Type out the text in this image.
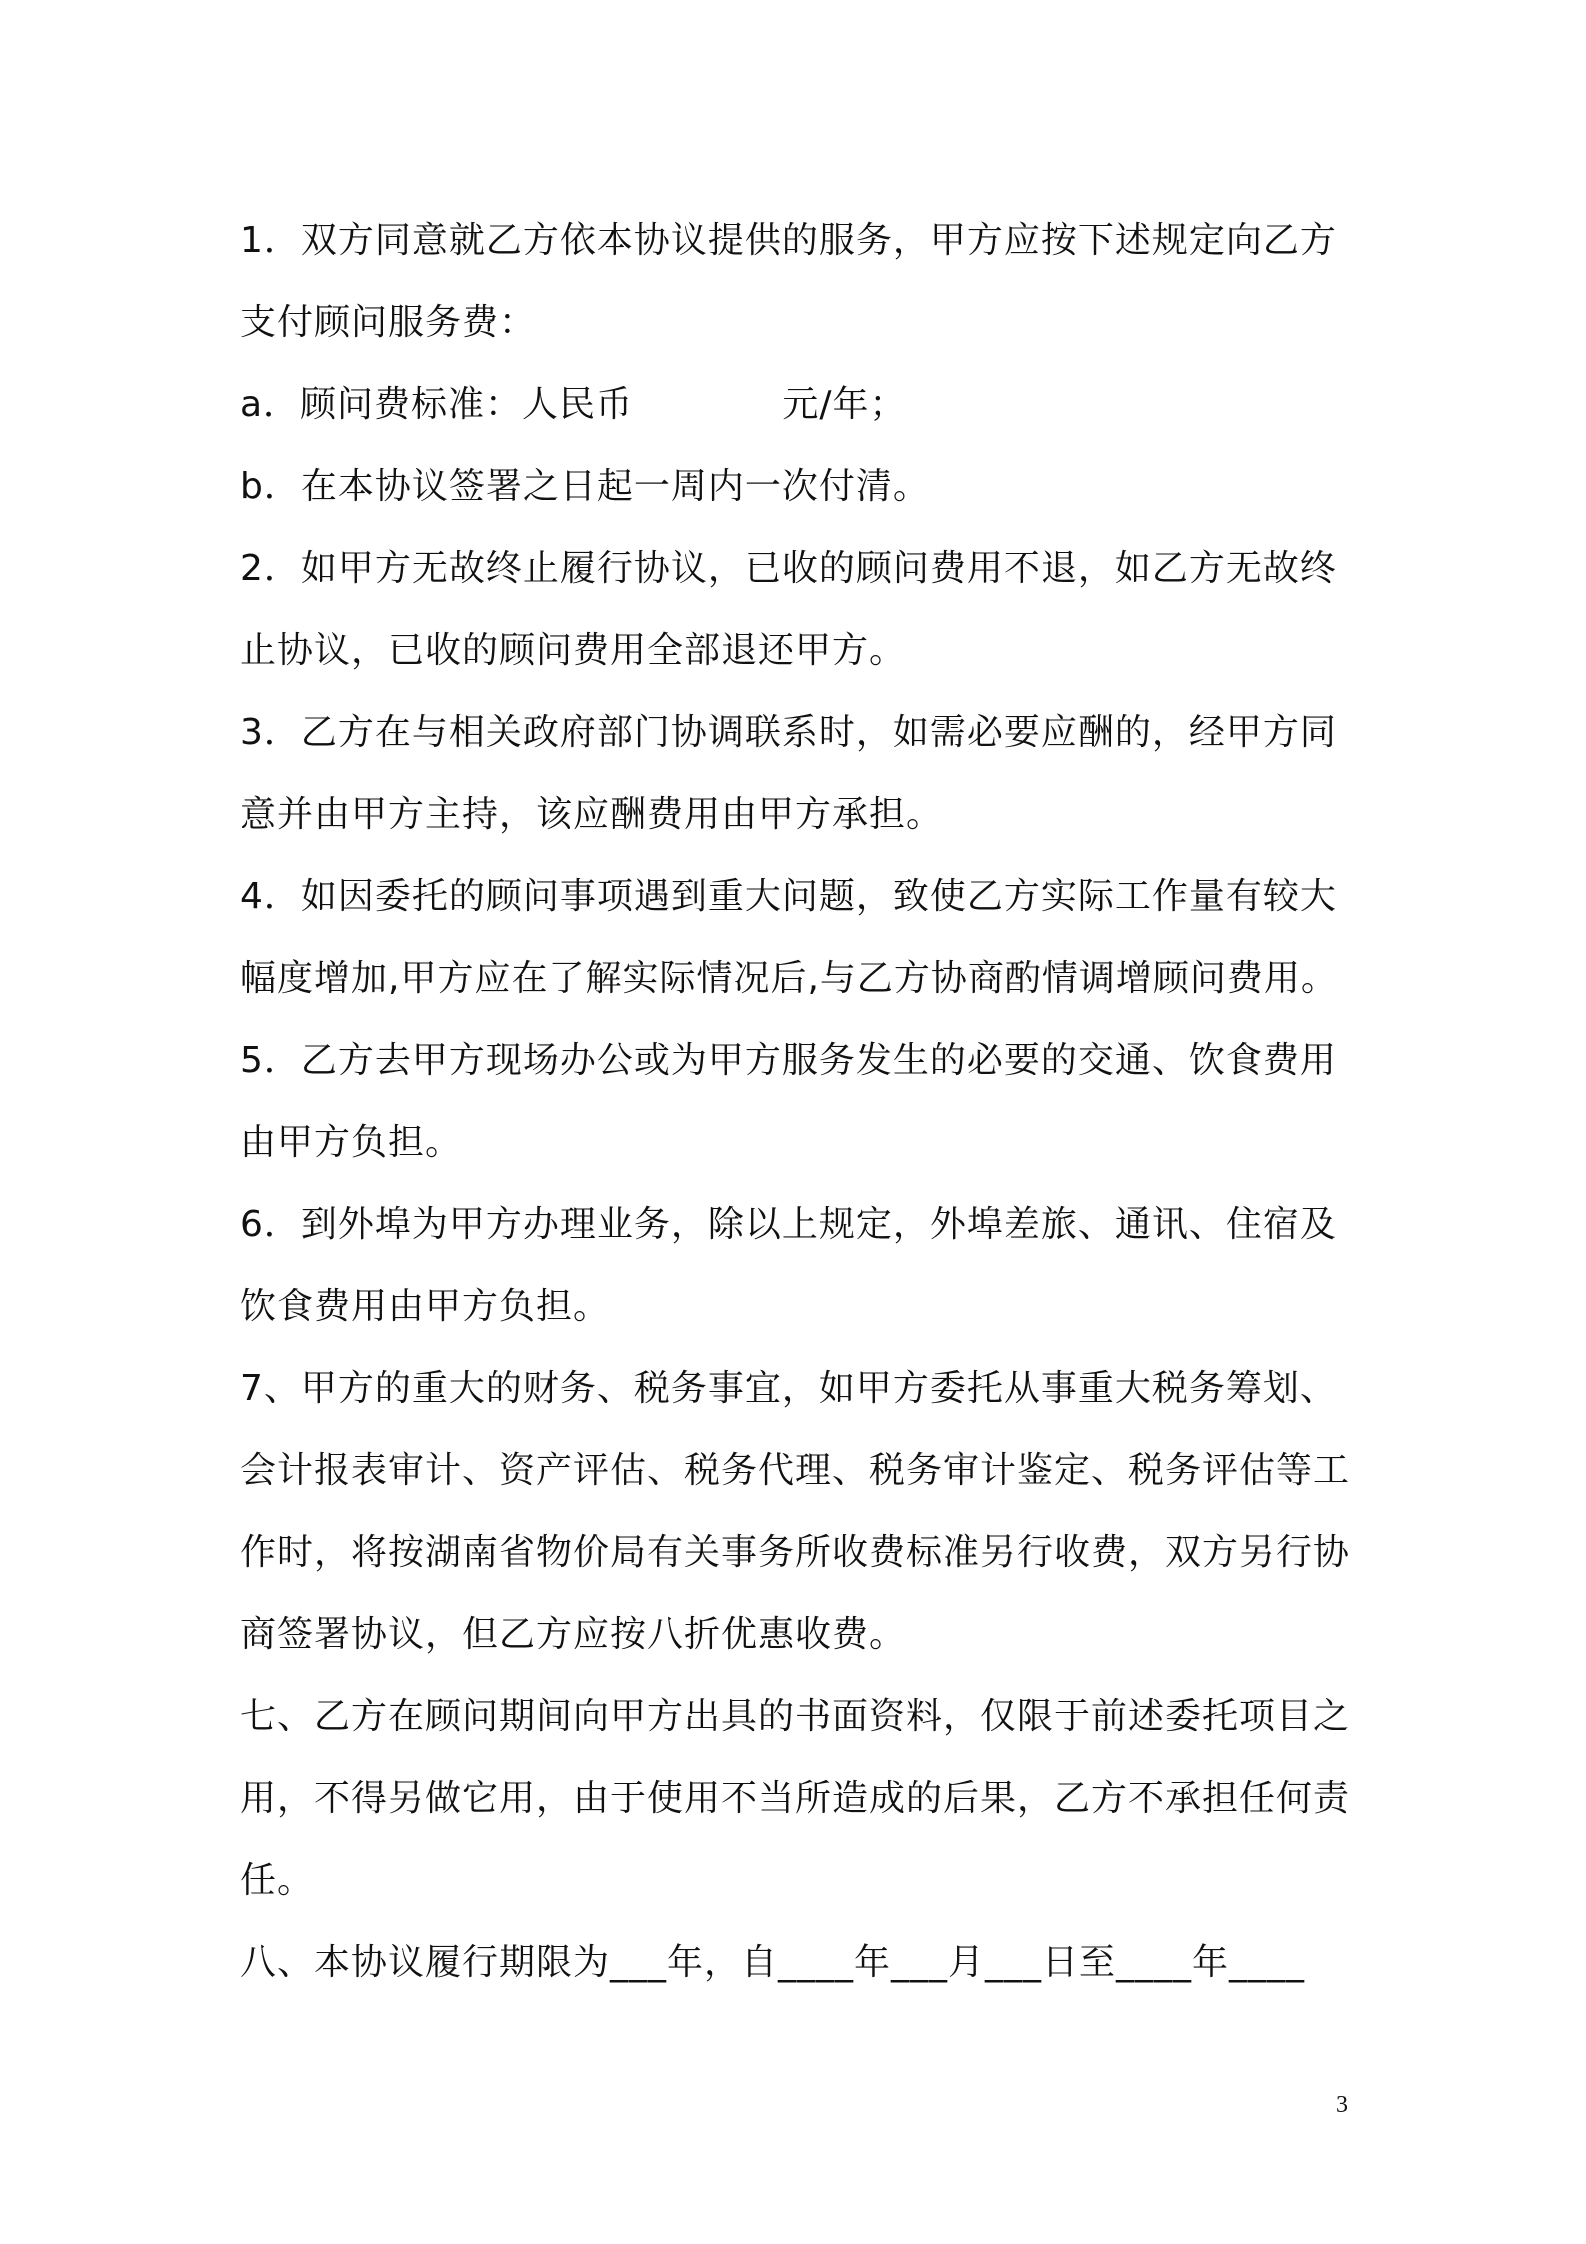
1．双方同意就乙方依本协议提供的服务，甲方应按下述规定向乙方

支付顾问服务费：

a．顾问费标准：人民币            元/年；

b．在本协议签署之日起一周内一次付清。

2．如甲方无故终止履行协议，已收的顾问费用不退，如乙方无故终

止协议，已收的顾问费用全部退还甲方。

3．乙方在与相关政府部门协调联系时，如需必要应酬的，经甲方同

意并由甲方主持，该应酬费用由甲方承担。

4．如因委托的顾问事项遇到重大问题，致使乙方实际工作量有较大

幅度增加,甲方应在了解实际情况后,与乙方协商酌情调增顾问费用。

5．乙方去甲方现场办公或为甲方服务发生的必要的交通、饮食费用

由甲方负担。

6．到外埠为甲方办理业务，除以上规定，外埠差旅、通讯、住宿及

饮食费用由甲方负担。

7、甲方的重大的财务、税务事宜，如甲方委托从事重大税务筹划、

会计报表审计、资产评估、税务代理、税务审计鉴定、税务评估等工

作时，将按湖南省物价局有关事务所收费标准另行收费，双方另行协

商签署协议，但乙方应按八折优惠收费。

七、乙方在顾问期间向甲方出具的书面资料，仅限于前述委托项目之

用，不得另做它用，由于使用不当所造成的后果，乙方不承担任何责

任。

八、本协议履行期限为___年，自____年___月___日至____年____

3
